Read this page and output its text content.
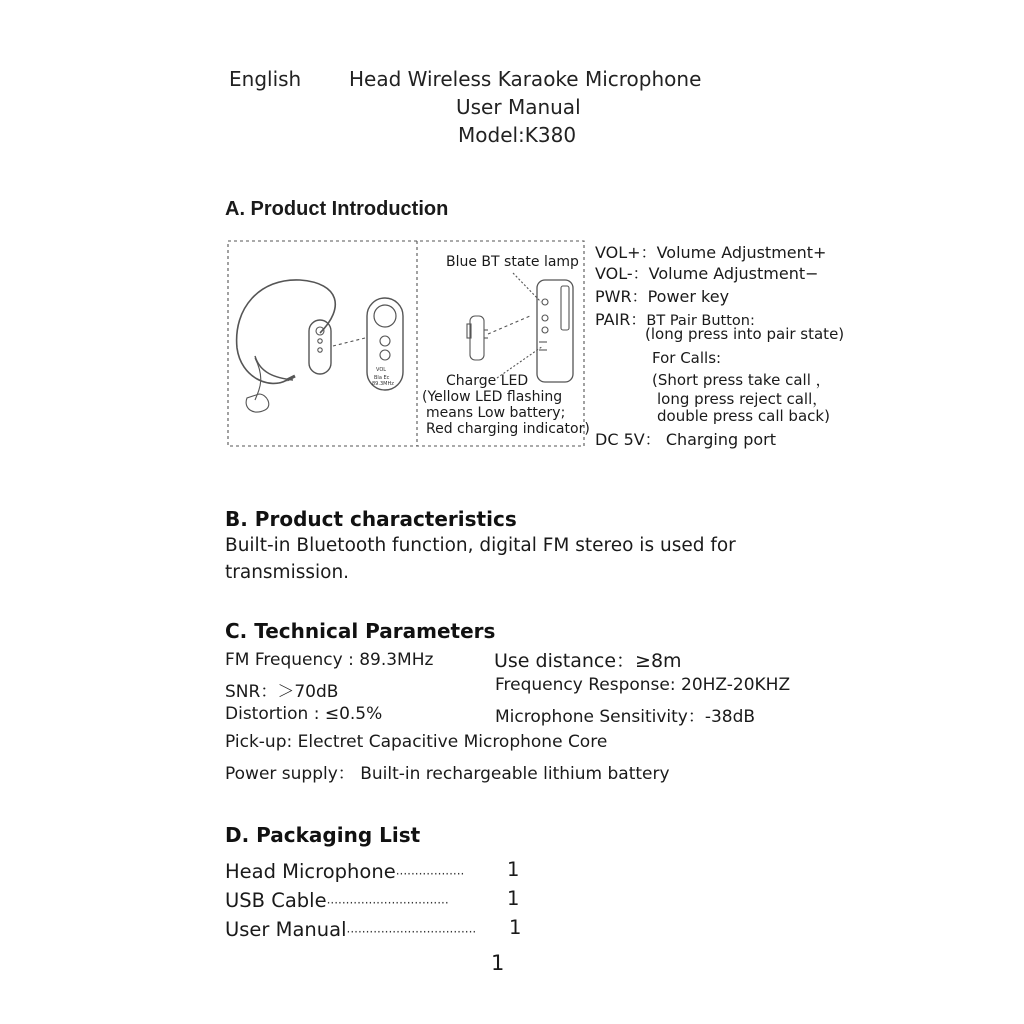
English Head Wireless Karaoke Microphone
User Manual
Model:K380
A. Product Introduction
VOL
Bla Ec
89.3MHz
Blue BT state lamp
Charge LED
(Yellow LED flashing
means Low battery;
Red charging indicator)
VOL+：Volume Adjustment+
VOL-：Volume Adjustment−
PWR：Power key
PAIR：BT Pair Button:
(long press into pair state)
For Calls:
(Short press take call ，
long press reject call，
double press call back)
DC 5V： Charging port
B. Product characteristics
Built-in Bluetooth function, digital FM stereo is used for
transmission.
C. Technical Parameters
FM Frequency : 89.3MHz
SNR：＞70dB
Distortion : ≤0.5%
Use distance：≥8m
Frequency Response: 20HZ-20KHZ
Microphone Sensitivity：-38dB
Pick-up: Electret Capacitive Microphone Core
Power supply： Built-in rechargeable lithium battery
D. Packaging List
Head Microphone·················· 1
USB Cable································	1
User Manual·································· 1
1
